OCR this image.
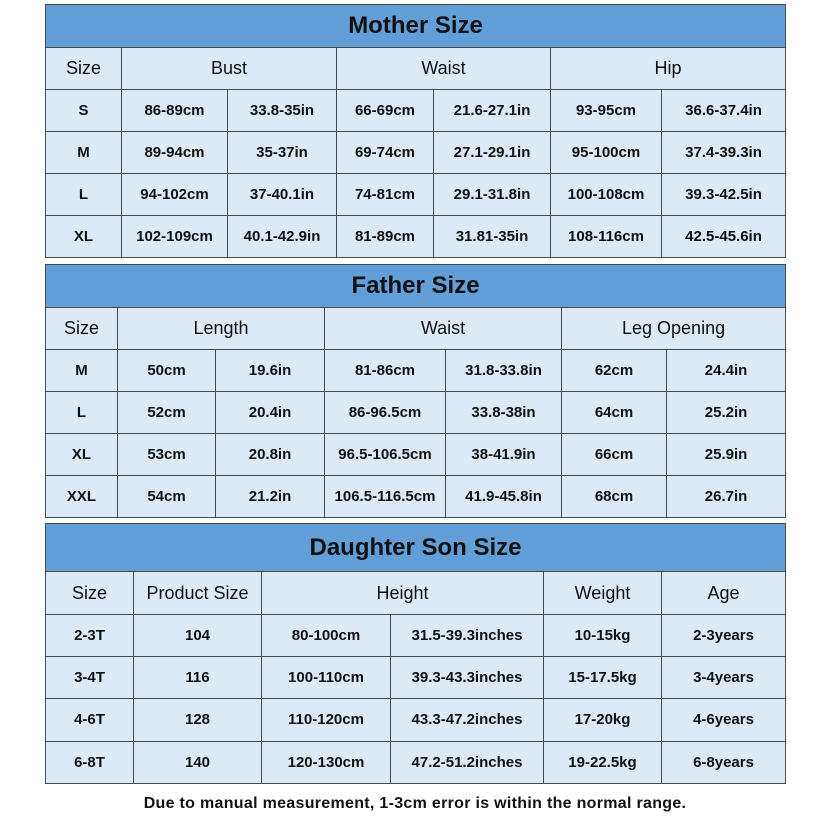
Mother Size						
Size	Bust		Waist		Hip	
S	86-89cm	33.8-35in	66-69cm	21.6-27.1in	93-95cm	36.6-37.4in
M	89-94cm	35-37in	69-74cm	27.1-29.1in	95-100cm	37.4-39.3in
L	94-102cm	37-40.1in	74-81cm	29.1-31.8in	100-108cm	39.3-42.5in
XL	102-109cm	40.1-42.9in	81-89cm	31.81-35in	108-116cm	42.5-45.6in
Father Size						
Size	Length		Waist		Leg Opening	
M	50cm	19.6in	81-86cm	31.8-33.8in	62cm	24.4in
L	52cm	20.4in	86-96.5cm	33.8-38in	64cm	25.2in
XL	53cm	20.8in	96.5-106.5cm	38-41.9in	66cm	25.9in
XXL	54cm	21.2in	106.5-116.5cm	41.9-45.8in	68cm	26.7in
Daughter Son Size					
Size	Product Size	Height		Weight	Age
2-3T	104	80-100cm	31.5-39.3inches	10-15kg	2-3years
3-4T	116	100-110cm	39.3-43.3inches	15-17.5kg	3-4years
4-6T	128	110-120cm	43.3-47.2inches	17-20kg	4-6years
6-8T	140	120-130cm	47.2-51.2inches	19-22.5kg	6-8years
Due to manual measurement, 1-3cm error is within the normal range.
